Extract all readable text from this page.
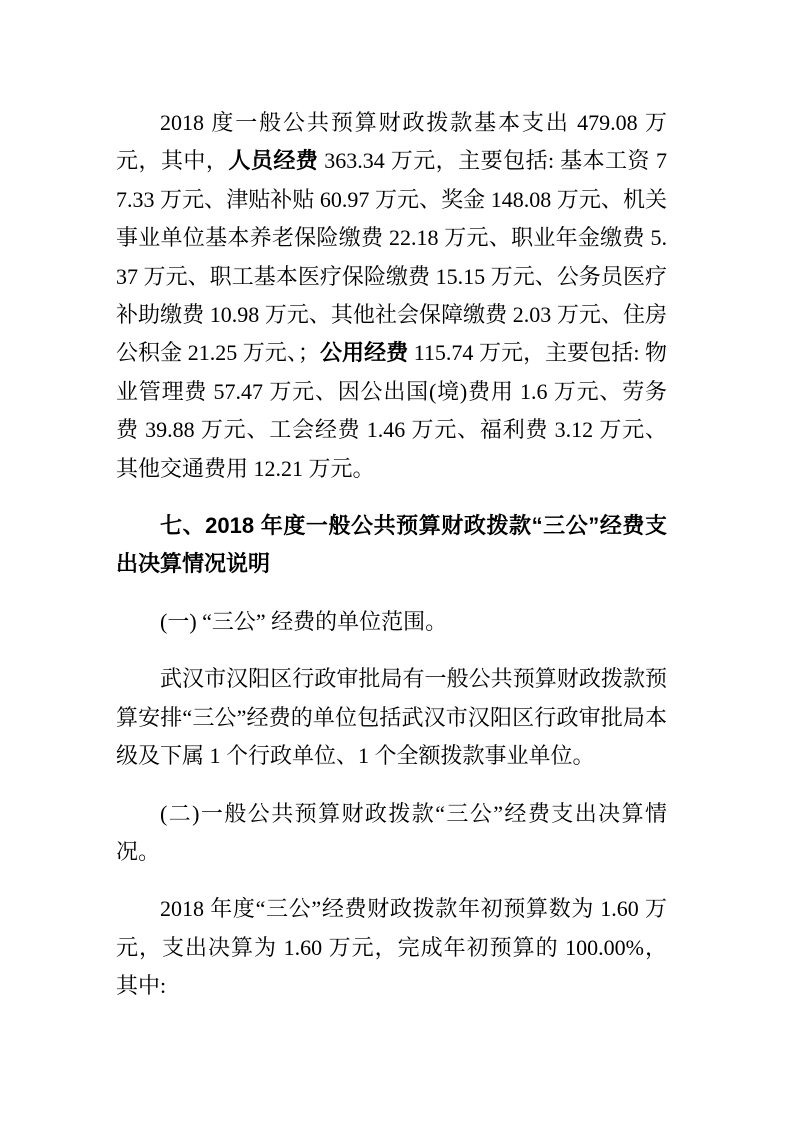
2018 度一般公共预算财政拨款基本支出 479.08 万元，其中，人员经费 363.34 万元，主要包括: 基本工资 77.33 万元、津贴补贴 60.97 万元、奖金 148.08 万元、机关事业单位基本养老保险缴费 22.18 万元、职业年金缴费 5.37 万元、职工基本医疗保险缴费 15.15 万元、公务员医疗补助缴费 10.98 万元、其他社会保障缴费 2.03 万元、住房公积金 21.25 万元、；公用经费 115.74 万元，主要包括: 物业管理费 57.47 万元、因公出国(境)费用 1.6 万元、劳务费 39.88 万元、工会经费 1.46 万元、福利费 3.12 万元、其他交通费用 12.21 万元。

七、2018 年度一般公共预算财政拨款“三公”经费支出决算情况说明

(一) “三公” 经费的单位范围。

武汉市汉阳区行政审批局有一般公共预算财政拨款预算安排“三公”经费的单位包括武汉市汉阳区行政审批局本级及下属 1 个行政单位、1 个全额拨款事业单位。

(二)一般公共预算财政拨款“三公”经费支出决算情况。

2018 年度“三公”经费财政拨款年初预算数为 1.60 万元，支出决算为 1.60 万元，完成年初预算的 100.00%，其中:
